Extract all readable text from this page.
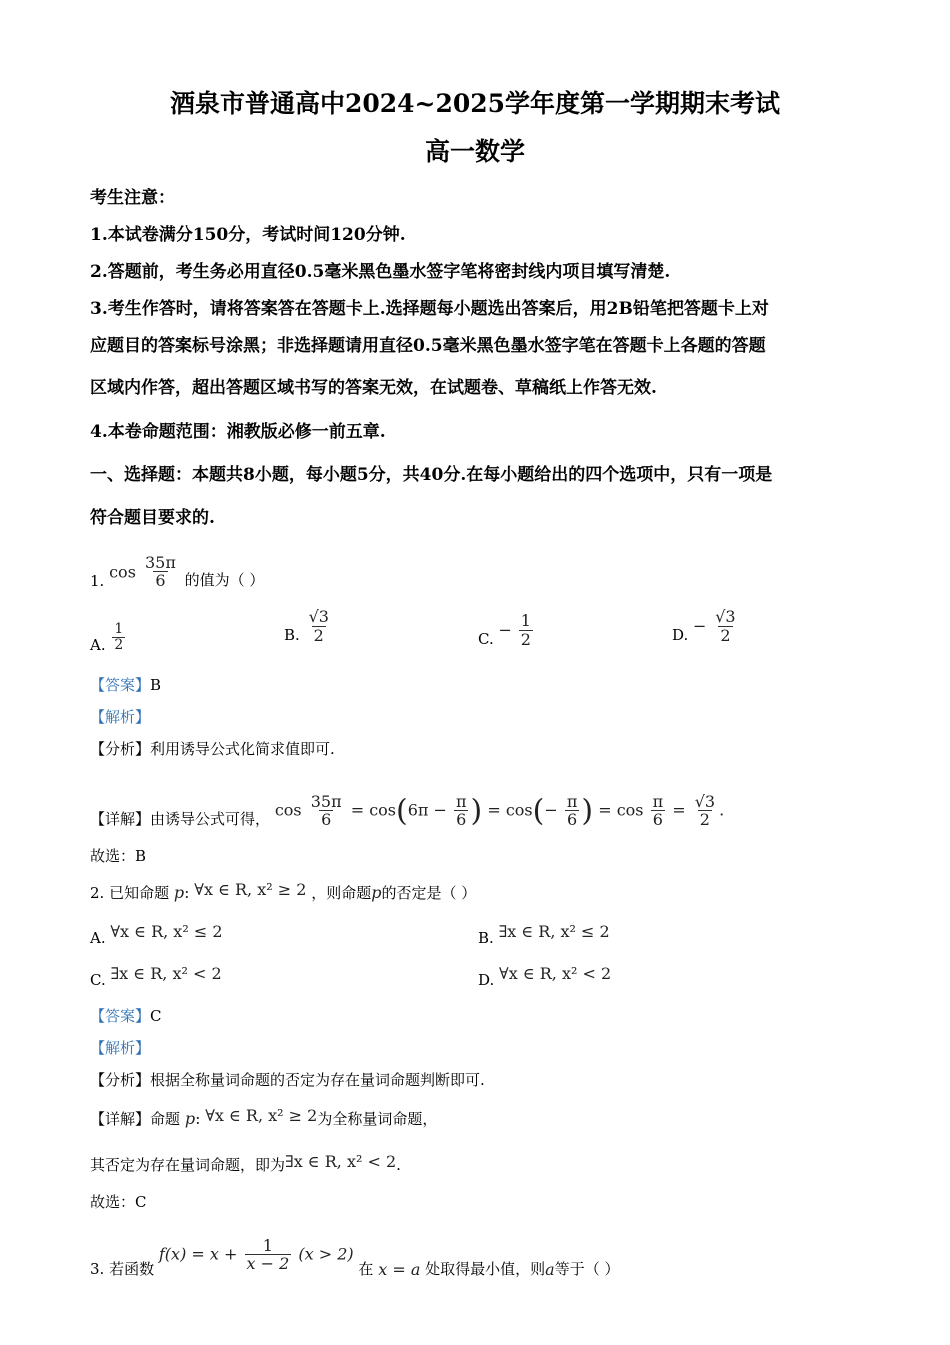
酒泉市普通高中2024~2025学年度第一学期期末考试
高一数学
考生注意：
1.本试卷满分150分，考试时间120分钟.
2.答题前，考生务必用直径0.5毫米黑色墨水签字笔将密封线内项目填写清楚.
3.考生作答时，请将答案答在答题卡上.选择题每小题选出答案后，用2B铅笔把答题卡上对
应题目的答案标号涂黑；非选择题请用直径0.5毫米黑色墨水签字笔在答题卡上各题的答题
区域内作答，超出答题区域书写的答案无效，在试题卷、草稿纸上作答无效.
4.本卷命题范围：湘教版必修一前五章.
一、选择题：本题共8小题，每小题5分，共40分.在每小题给出的四个选项中，只有一项是
符合题目要求的.
1. $\cos \frac{35\pi}{6}$ 的值为（ ）
A. $\frac{1}{2}$	B. $\frac{√3}{2}$	C. − $\frac{1}{2}$	D. − $\frac{√3}{2}$
【答案】B
【解析】
【分析】利用诱导公式化简求值即可.
【详解】由诱导公式可得， $\cos \frac{35\pi}{6} = \cos(6\pi - \frac{\pi}{6}$ ) = $\cos(- \frac{\pi}{6}$ ) = $\cos \frac{\pi}{6} = \frac{√3}{2}$ .
故选：B
2. 已知命题 p: ∀x ∈ R, x² ≥ 2 ，则命题p的否定是（ ）
A. ∀x ∈ R, x² ≤ 2	B. ∃x ∈ R, x² ≤ 2
C. ∃x ∈ R, x² < 2	D. ∀x ∈ R, x² < 2
【答案】C
【解析】
【分析】根据全称量词命题的否定为存在量词命题判断即可.
【详解】命题 p: ∀x ∈ R, x² ≥ 2为全称量词命题，
其否定为存在量词命题，即为∃x ∈ R, x² < 2.
故选：C
3. 若函数 $f(x) = x + \frac{1}{x - 2} (x > 2)$ 在 x = a 处取得最小值，则a等于（ ）
